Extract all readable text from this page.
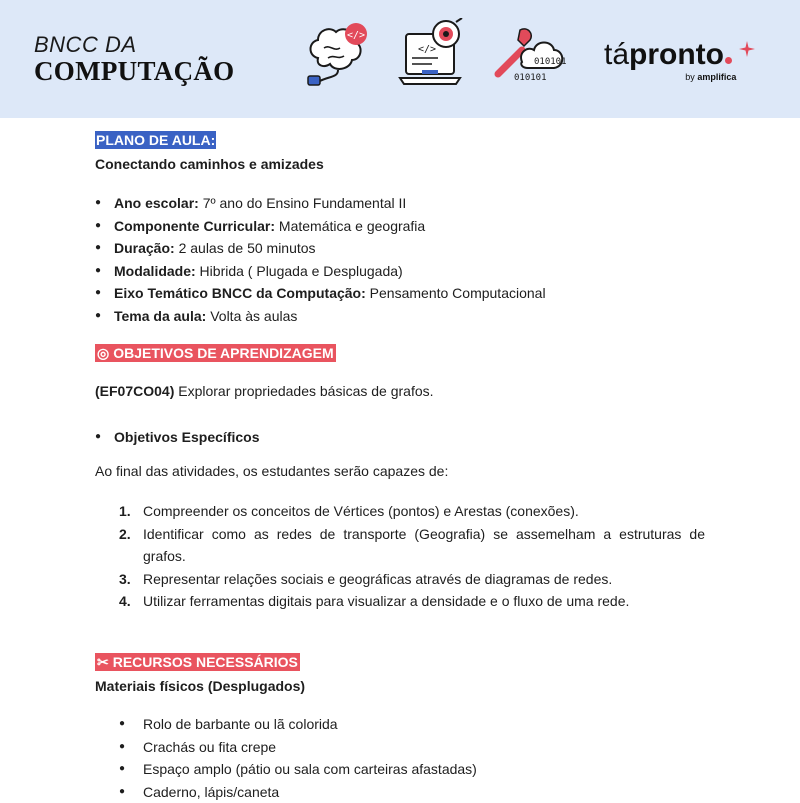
BNCC DA
COMPUTAÇÃO
</>
</>
010101
010101
tápronto
by amplifica
PLANO DE AULA:
Conectando caminhos e amizades
● Ano escolar: 7º ano do Ensino Fundamental II
● Componente Curricular: Matemática e geografia
● Duração: 2 aulas de 50 minutos
● Modalidade: Hibrida ( Plugada e Desplugada)
● Eixo Temático BNCC da Computação: Pensamento Computacional
● Tema da aula: Volta às aulas
◎ OBJETIVOS DE APRENDIZAGEM
(EF07CO04) Explorar propriedades básicas de grafos.
● Objetivos Específicos
Ao final das atividades, os estudantes serão capazes de:
1. Compreender os conceitos de Vértices (pontos) e Arestas (conexões).
2. Identificar como as redes de transporte (Geografia) se assemelham a estruturas de grafos.
3. Representar relações sociais e geográficas através de diagramas de redes.
4. Utilizar ferramentas digitais para visualizar a densidade e o fluxo de uma rede.
✂ RECURSOS NECESSÁRIOS
Materiais físicos (Desplugados)
● Rolo de barbante ou lã colorida
● Crachás ou fita crepe
● Espaço amplo (pátio ou sala com carteiras afastadas)
● Caderno, lápis/caneta
